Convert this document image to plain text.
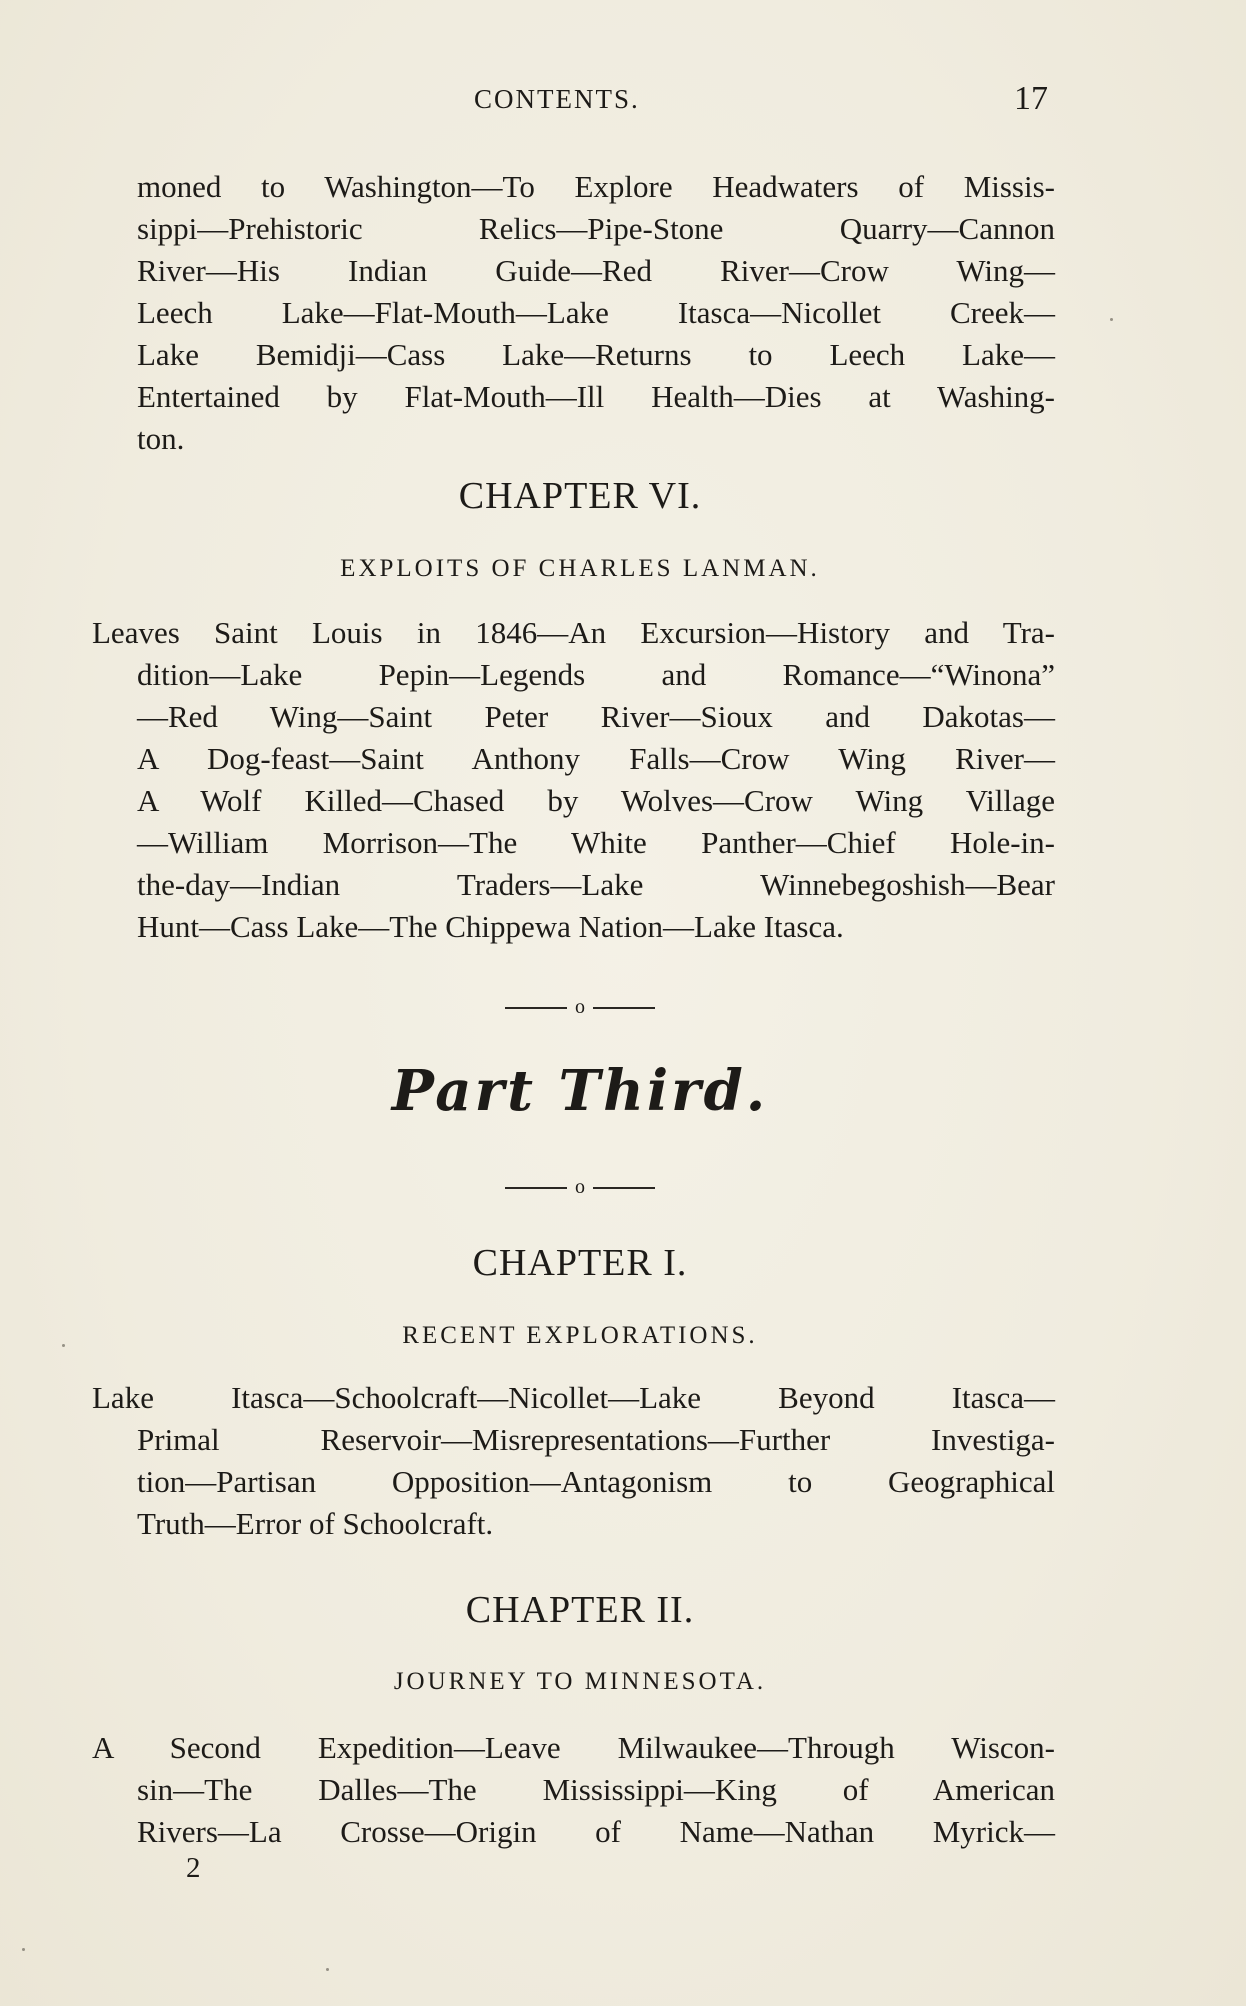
CONTENTS.	17
moned to Washington—To Explore Headwaters of Missis-
sippi—Prehistoric Relics—Pipe-Stone Quarry—Cannon
River—His Indian Guide—Red River—Crow Wing—
Leech Lake—Flat-Mouth—Lake Itasca—Nicollet Creek—
Lake Bemidji—Cass Lake—Returns to Leech Lake—
Entertained by Flat-Mouth—Ill Health—Dies at Washing-
ton.
CHAPTER VI.
EXPLOITS OF CHARLES LANMAN.
Leaves Saint Louis in 1846—An Excursion—History and Tra-
dition—Lake Pepin—Legends and Romance—“Winona”
—Red Wing—Saint Peter River—Sioux and Dakotas—
A Dog-feast—Saint Anthony Falls—Crow Wing River—
A Wolf Killed—Chased by Wolves—Crow Wing Village
—William Morrison—The White Panther—Chief Hole-in-
the-day—Indian Traders—Lake Winnebegoshish—Bear
Hunt—Cass Lake—The Chippewa Nation—Lake Itasca.
o
Part Third.
o
CHAPTER I.
RECENT EXPLORATIONS.
Lake Itasca—Schoolcraft—Nicollet—Lake Beyond Itasca—
Primal Reservoir—Misrepresentations—Further Investiga-
tion—Partisan Opposition—Antagonism to Geographical
Truth—Error of Schoolcraft.
CHAPTER II.
JOURNEY TO MINNESOTA.
A Second Expedition—Leave Milwaukee—Through Wiscon-
sin—The Dalles—The Mississippi—King of American
Rivers—La Crosse—Origin of Name—Nathan Myrick—
2
